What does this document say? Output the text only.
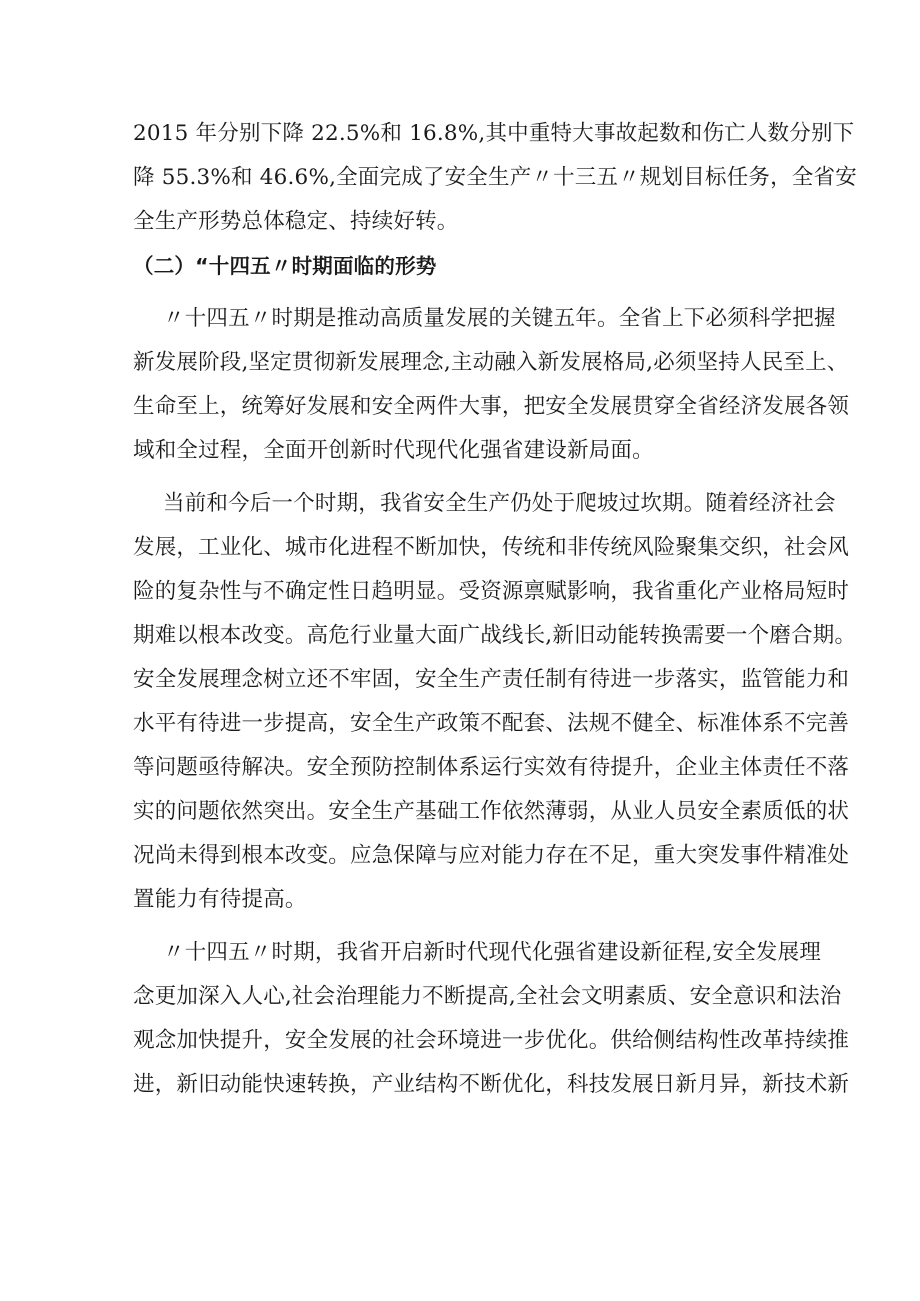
2015 年分别下降 22.5%和 16.8%,其中重特大事故起数和伤亡人数分别下
降 55.3%和 46.6%,全面完成了安全生产〃十三五〃规划目标任务，全省安
全生产形势总体稳定、持续好转。
（二）“十四五〃时期面临的形势
〃十四五〃时期是推动高质量发展的关键五年。全省上下必须科学把握
新发展阶段,坚定贯彻新发展理念,主动融入新发展格局,必须坚持人民至上、
生命至上，统筹好发展和安全两件大事，把安全发展贯穿全省经济发展各领
域和全过程，全面开创新时代现代化强省建设新局面。
当前和今后一个时期，我省安全生产仍处于爬坡过坎期。随着经济社会
发展，工业化、城市化进程不断加快，传统和非传统风险聚集交织，社会风
险的复杂性与不确定性日趋明显。受资源禀赋影响，我省重化产业格局短时
期难以根本改变。高危行业量大面广战线长,新旧动能转换需要一个磨合期。
安全发展理念树立还不牢固，安全生产责任制有待进一步落实，监管能力和
水平有待进一步提高，安全生产政策不配套、法规不健全、标准体系不完善
等问题亟待解决。安全预防控制体系运行实效有待提升，企业主体责任不落
实的问题依然突出。安全生产基础工作依然薄弱，从业人员安全素质低的状
况尚未得到根本改变。应急保障与应对能力存在不足，重大突发事件精准处
置能力有待提高。
〃十四五〃时期，我省开启新时代现代化强省建设新征程,安全发展理
念更加深入人心,社会治理能力不断提高,全社会文明素质、安全意识和法治
观念加快提升，安全发展的社会环境进一步优化。供给侧结构性改革持续推
进，新旧动能快速转换，产业结构不断优化，科技发展日新月异，新技术新
